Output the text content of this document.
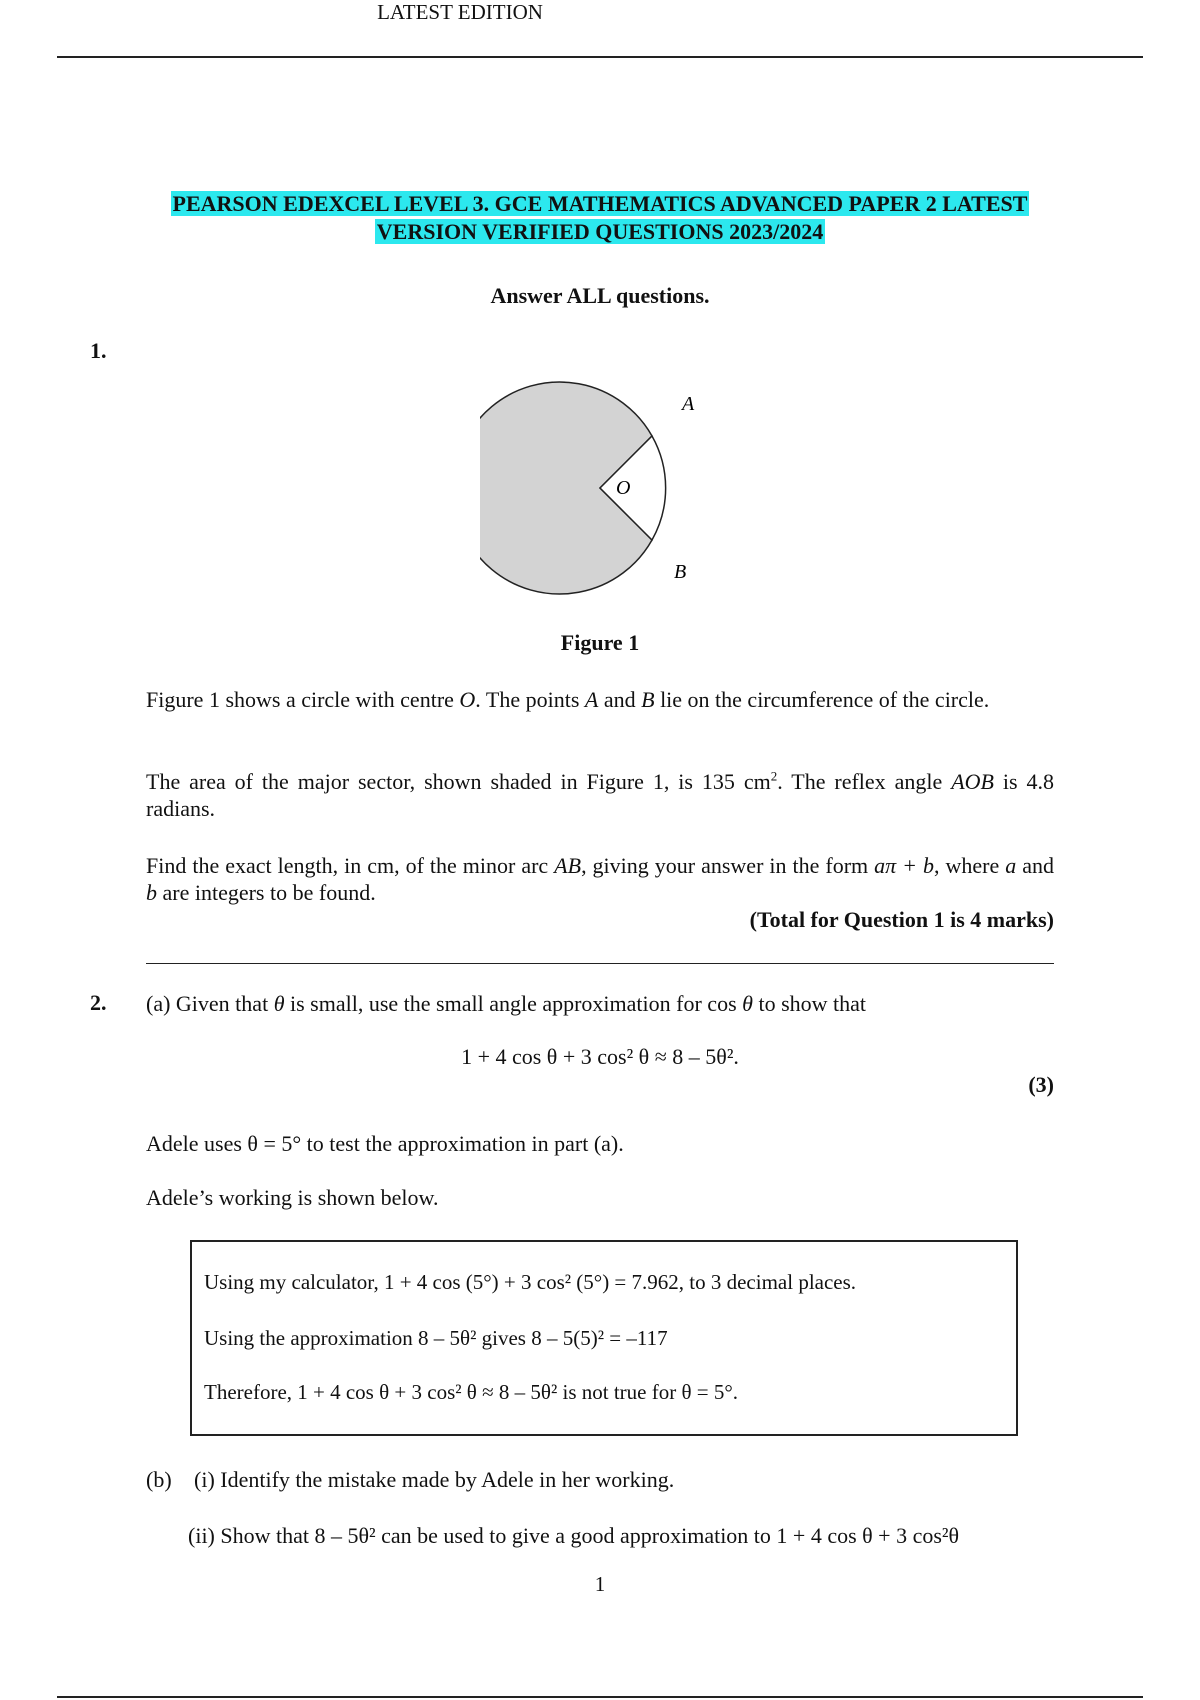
LATEST EDITION
PEARSON EDEXCEL LEVEL 3. GCE MATHEMATICS ADVANCED PAPER 2 LATEST
VERSION VERIFIED QUESTIONS 2023/2024
Answer ALL questions.
1.
A
B
O
Figure 1
Figure 1 shows a circle with centre O. The points A and B lie on the circumference of the circle.
The area of the major sector, shown shaded in Figure 1, is 135 $cm^2$. The reflex angle AOB is 4.8 radians.
Find the exact length, in cm, of the minor arc AB, giving your answer in the form aπ + b, where a and b are integers to be found.
(Total for Question 1 is 4 marks)
2. (a) Given that θ is small, use the small angle approximation for cos θ to show that
1 + 4 cos θ + 3 cos² θ ≈ 8 – 5θ².
(3)
Adele uses θ = 5° to test the approximation in part (a).
Adele’s working is shown below.
Using my calculator, 1 + 4 cos (5°) + 3 cos² (5°) = 7.962, to 3 decimal places.
Using the approximation 8 – 5θ² gives 8 – 5(5)² = –117
Therefore, 1 + 4 cos θ + 3 cos² θ ≈ 8 – 5θ² is not true for θ = 5°.
(b)	(i) Identify the mistake made by Adele in her working.
(ii) Show that 8 – 5θ² can be used to give a good approximation to 1 + 4 cos θ + 3 cos²θ
1
